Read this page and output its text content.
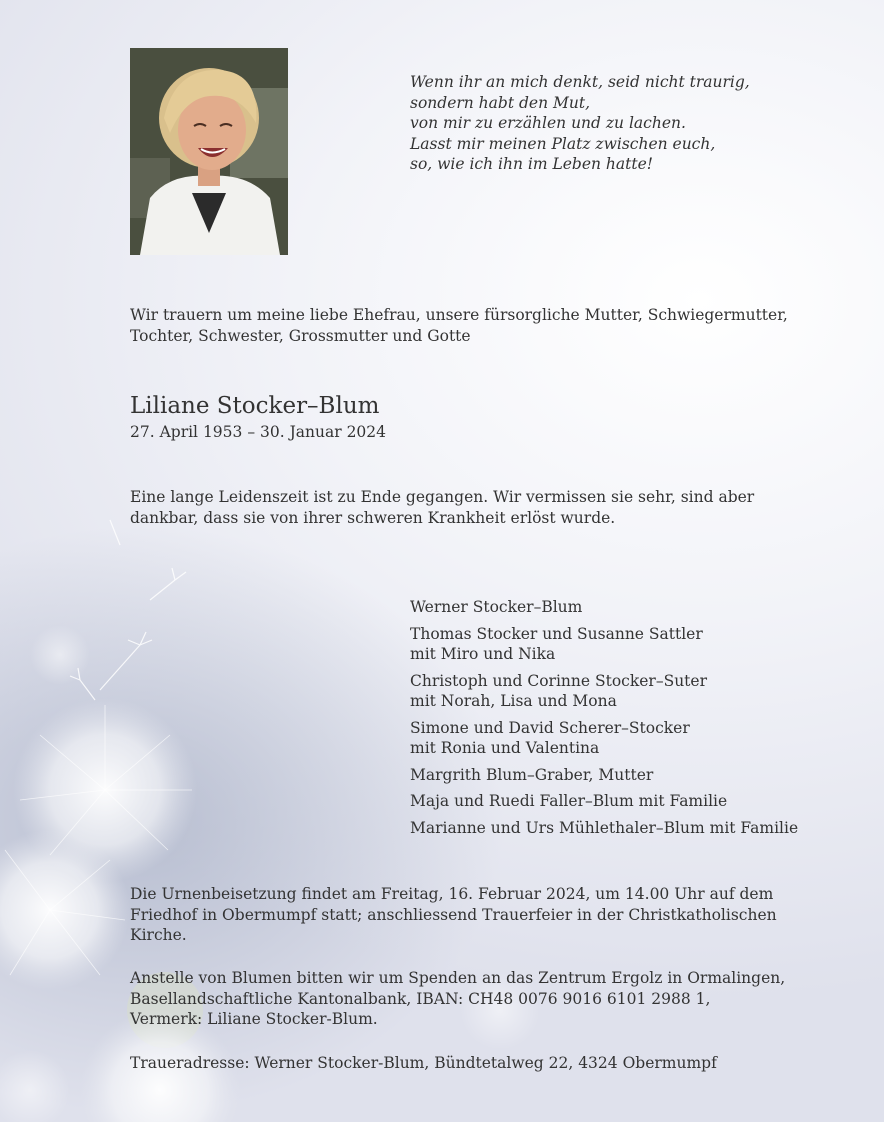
Wenn ihr an mich denkt, seid nicht traurig,
sondern habt den Mut,
von mir zu erzählen und zu lachen.
Lasst mir meinen Platz zwischen euch,
so, wie ich ihn im Leben hatte!
Wir trauern um meine liebe Ehefrau, unsere fürsorgliche Mutter, Schwiegermutter, Tochter, Schwester, Grossmutter und Gotte
Liliane Stocker–Blum
27. April 1953 – 30. Januar 2024
Eine lange Leidenszeit ist zu Ende gegangen. Wir vermissen sie sehr, sind aber dankbar, dass sie von ihrer schweren Krankheit erlöst wurde.
Werner Stocker–Blum
Thomas Stocker und Susanne Sattler
mit Miro und Nika
Christoph und Corinne Stocker–Suter
mit Norah, Lisa und Mona
Simone und David Scherer–Stocker
mit Ronia und Valentina
Margrith Blum–Graber, Mutter
Maja und Ruedi Faller–Blum mit Familie
Marianne und Urs Mühlethaler–Blum mit Familie
Die Urnenbeisetzung findet am Freitag, 16. Februar 2024, um 14.00 Uhr auf dem Friedhof in Obermumpf statt; anschliessend Trauerfeier in der Christkatholischen Kirche.
Anstelle von Blumen bitten wir um Spenden an das Zentrum Ergolz in Ormalingen,
Basellandschaftliche Kantonalbank, IBAN: CH48 0076 9016 6101 2988 1,
Vermerk: Liliane Stocker-Blum.
Traueradresse: Werner Stocker-Blum, Bündtetalweg 22, 4324 Obermumpf
